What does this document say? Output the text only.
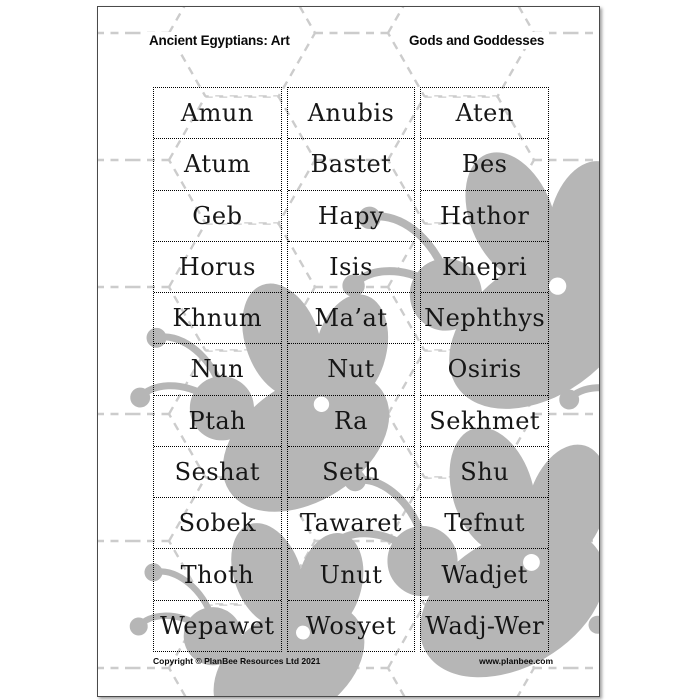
Ancient Egyptians: Art	Gods and Goddesses
Amun
Atum
Geb
Horus
Khnum
Nun
Ptah
Seshat
Sobek
Thoth
Wepawet
Anubis
Bastet
Hapy
Isis
Ma’at
Nut
Ra
Seth
Tawaret
Unut
Wosyet
Aten
Bes
Hathor
Khepri
Nephthys
Osiris
Sekhmet
Shu
Tefnut
Wadjet
Wadj-Wer
Copyright © PlanBee Resources Ltd 2021	www.planbee.com
